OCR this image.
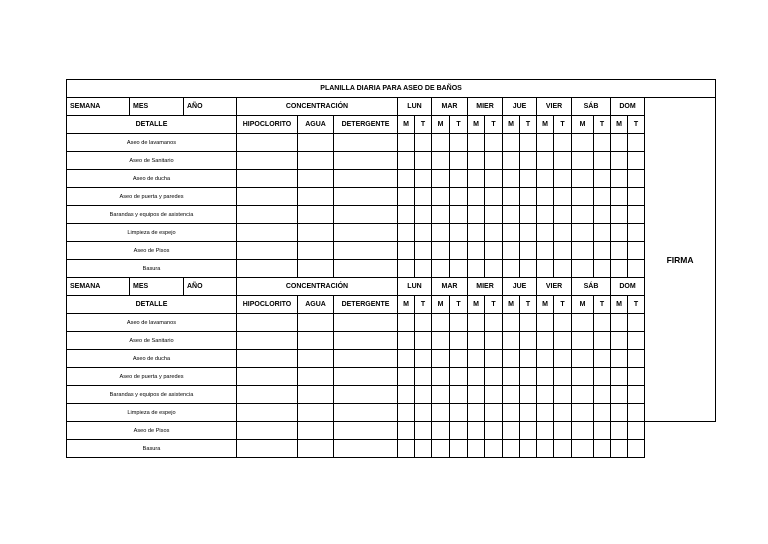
PLANILLA DIARIA PARA ASEO DE BAÑOS																				
SEMANA	MES	AÑO	CONCENTRACIÓN			LUN		MAR		MIER		JUE		VIER		SÁB		DOM		FIRMA
DETALLE			HIPOCLORITO	AGUA	DETERGENTE	M	T	M	T	M	T	M	T	M	T	M	T	M	T	
Aseo de lavamanos																				
Aseo de Sanitario																				
Aseo de ducha																				
Aseo de puerta y paredes																				
Barandas y equipos de asistencia																				
Limpieza de espejo																				
Aseo de Pisos																				
Basura																				
SEMANA	MES	AÑO	CONCENTRACIÓN			LUN		MAR		MIER		JUE		VIER		SÁB		DOM		
DETALLE			HIPOCLORITO	AGUA	DETERGENTE	M	T	M	T	M	T	M	T	M	T	M	T	M	T	
Aseo de lavamanos																				
Aseo de Sanitario																				
Aseo de ducha																				
Aseo de puerta y paredes																				
Barandas y equipos de asistencia																				
Limpieza de espejo																				
Aseo de Pisos																				
Basura																				
